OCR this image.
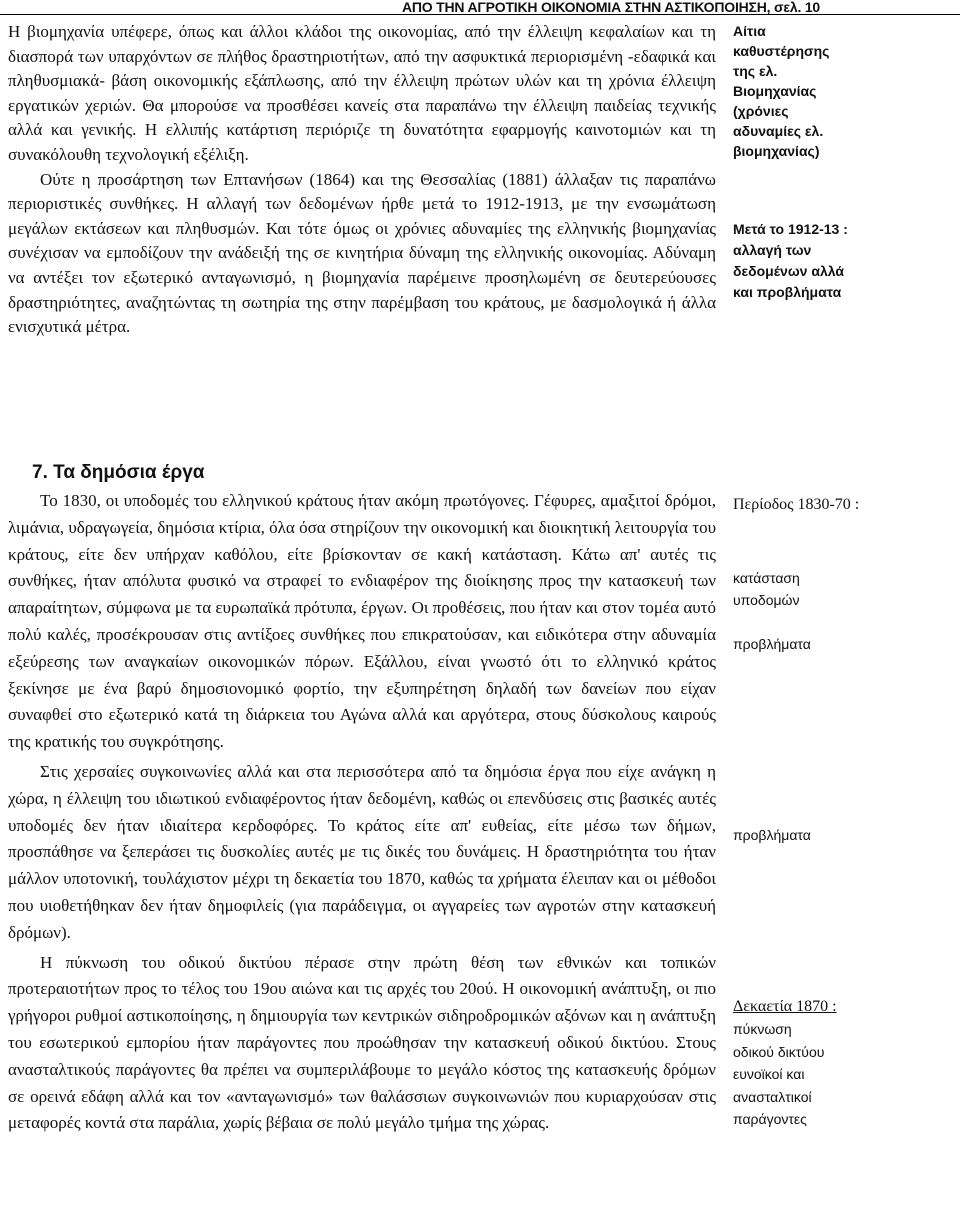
ΑΠΟ ΤΗΝ ΑΓΡΟΤΙΚΗ ΟΙΚΟΝΟΜΙΑ ΣΤΗΝ ΑΣΤΙΚΟΠΟΙΗΣΗ, σελ. 10

Η βιομηχανία υπέφερε, όπως και άλλοι κλάδοι της οικονομίας, από την έλλειψη κεφαλαίων και τη διασπορά των υπαρχόντων σε πλήθος δραστηριοτήτων, από την ασφυκτικά περιορισμένη -εδαφικά και πληθυσμιακά- βάση οικονομικής εξάπλωσης, από την έλλειψη πρώτων υλών και τη χρόνια έλλειψη εργατικών χεριών. Θα μπορούσε να προσθέσει κανείς στα παραπάνω την έλλειψη παιδείας τεχνικής αλλά και γενικής. Η ελλιπής κατάρτιση περιόριζε τη δυνατότητα εφαρμογής καινοτομιών και τη συνακόλουθη τεχνολογική εξέλιξη.

Ούτε η προσάρτηση των Επτανήσων (1864) και της Θεσσαλίας (1881) άλλαξαν τις παραπάνω περιοριστικές συνθήκες. Η αλλαγή των δεδομένων ήρθε μετά το 1912-1913, με την ενσωμάτωση μεγάλων εκτάσεων και πληθυσμών. Και τότε όμως οι χρόνιες αδυναμίες της ελληνικής βιομηχανίας συνέχισαν να εμποδίζουν την ανάδειξή της σε κινητήρια δύναμη της ελληνικής οικονομίας. Αδύναμη να αντέξει τον εξωτερικό ανταγωνισμό, η βιομηχανία παρέμεινε προσηλωμένη σε δευτερεύουσες δραστηριότητες, αναζητώντας τη σωτηρία της στην παρέμβαση του κράτους, με δασμολογικά ή άλλα ενισχυτικά μέτρα.

7. Τα δημόσια έργα

Το 1830, οι υποδομές του ελληνικού κράτους ήταν ακόμη πρωτόγονες. Γέφυρες, αμαξιτοί δρόμοι, λιμάνια, υδραγωγεία, δημόσια κτίρια, όλα όσα στηρίζουν την οικονομική και διοικητική λειτουργία του κράτους, είτε δεν υπήρχαν καθόλου, είτε βρίσκονταν σε κακή κατάσταση. Κάτω απ' αυτές τις συνθήκες, ήταν απόλυτα φυσικό να στραφεί το ενδιαφέρον της διοίκησης προς την κατασκευή των απαραίτητων, σύμφωνα με τα ευρωπαϊκά πρότυπα, έργων. Οι προθέσεις, που ήταν και στον τομέα αυτό πολύ καλές, προσέκρουσαν στις αντίξοες συνθήκες που επικρατούσαν, και ειδικότερα στην αδυναμία εξεύρεσης των αναγκαίων οικονομικών πόρων. Εξάλλου, είναι γνωστό ότι το ελληνικό κράτος ξεκίνησε με ένα βαρύ δημοσιονομικό φορτίο, την εξυπηρέτηση δηλαδή των δανείων που είχαν συναφθεί στο εξωτερικό κατά τη διάρκεια του Αγώνα αλλά και αργότερα, στους δύσκολους καιρούς της κρατικής του συγκρότησης.

Στις χερσαίες συγκοινωνίες αλλά και στα περισσότερα από τα δημόσια έργα που είχε ανάγκη η χώρα, η έλλειψη του ιδιωτικού ενδιαφέροντος ήταν δεδομένη, καθώς οι επενδύσεις στις βασικές αυτές υποδομές δεν ήταν ιδιαίτερα κερδοφόρες. Το κράτος είτε απ' ευθείας, είτε μέσω των δήμων, προσπάθησε να ξεπεράσει τις δυσκολίες αυτές με τις δικές του δυνάμεις. Η δραστηριότητα του ήταν μάλλον υποτονική, τουλάχιστον μέχρι τη δεκαετία του 1870, καθώς τα χρήματα έλειπαν και οι μέθοδοι που υιοθετήθηκαν δεν ήταν δημοφιλείς (για παράδειγμα, οι αγγαρείες των αγροτών στην κατασκευή δρόμων).

Η πύκνωση του οδικού δικτύου πέρασε στην πρώτη θέση των εθνικών και τοπικών προτεραιοτήτων προς το τέλος του 19ου αιώνα και τις αρχές του 20ού. Η οικονομική ανάπτυξη, οι πιο γρήγοροι ρυθμοί αστικοποίησης, η δημιουργία των κεντρικών σιδηροδρομικών αξόνων και η ανάπτυξη του εσωτερικού εμπορίου ήταν παράγοντες που προώθησαν την κατασκευή οδικού δικτύου. Στους ανασταλτικούς παράγοντες θα πρέπει να συμπεριλάβουμε το μεγάλο κόστος της κατασκευής δρόμων σε ορεινά εδάφη αλλά και τον «ανταγωνισμό» των θαλάσσιων συγκοινωνιών που κυριαρχούσαν στις μεταφορές κοντά στα παράλια, χωρίς βέβαια σε πολύ μεγάλο τμήμα της χώρας.

Αίτια καθυστέρησης της ελ. Βιομηχανίας (χρόνιες αδυναμίες ελ. βιομηχανίας)

Μετά το 1912-13 : αλλαγή των δεδομένων αλλά και προβλήματα

Περίοδος 1830-70 :

κατάσταση υποδομών

προβλήματα

προβλήματα

Δεκαετία 1870 :

πύκνωση οδικού δικτύου ευνοϊκοί και ανασταλτικοί παράγοντες
